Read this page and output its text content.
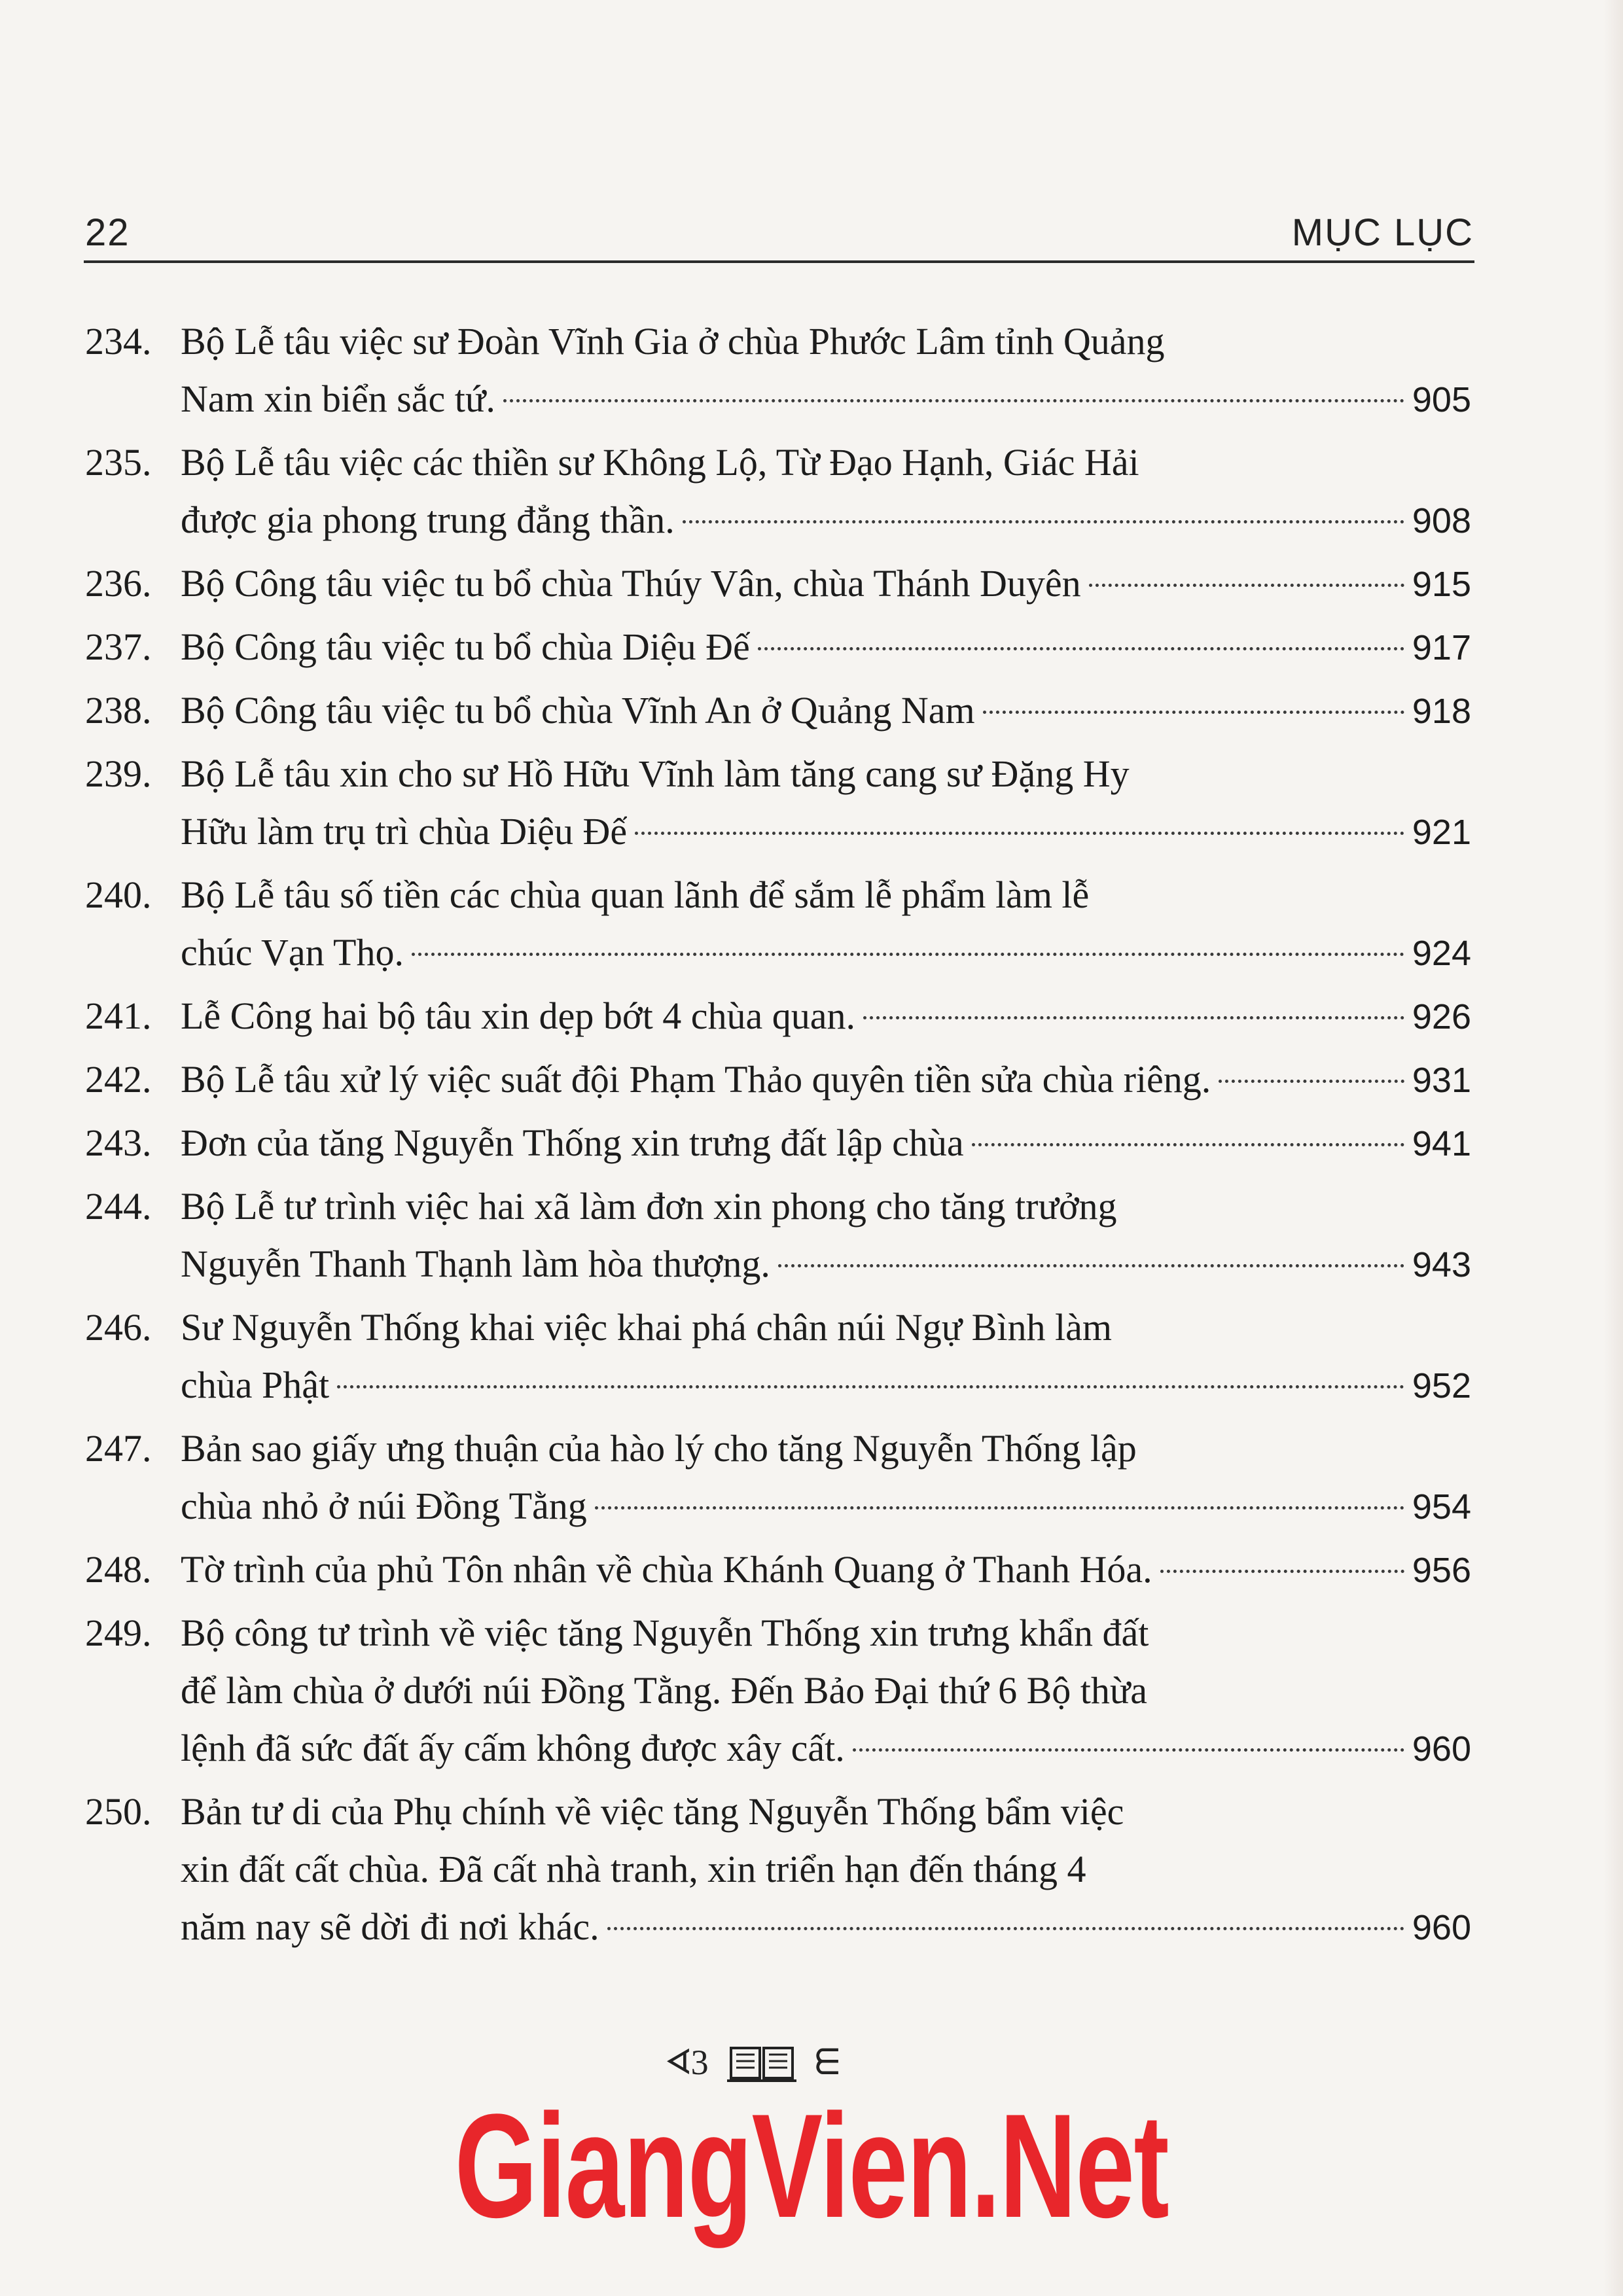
22	MỤC LỤC
234. Bộ Lễ tâu việc sư Đoàn Vĩnh Gia ở chùa Phước Lâm tỉnh Quảng
Nam xin biển sắc tứ.	905
235. Bộ Lễ tâu việc các thiền sư Không Lộ, Từ Đạo Hạnh, Giác Hải
được gia phong trung đẳng thần.	908
236. Bộ Công tâu việc tu bổ chùa Thúy Vân, chùa Thánh Duyên	915
237. Bộ Công tâu việc tu bổ chùa Diệu Đế	917
238. Bộ Công tâu việc tu bổ chùa Vĩnh An ở Quảng Nam	918
239. Bộ Lễ tâu xin cho sư Hồ Hữu Vĩnh làm tăng cang sư Đặng Hy
Hữu làm trụ trì chùa Diệu Đế	921
240. Bộ Lễ tâu số tiền các chùa quan lãnh để sắm lễ phẩm làm lễ
chúc Vạn Thọ.	924
241. Lễ Công hai bộ tâu xin dẹp bớt 4 chùa quan.	926
242. Bộ Lễ tâu xử lý việc suất đội Phạm Thảo quyên tiền sửa chùa riêng.	931
243. Đơn của tăng Nguyễn Thống xin trưng đất lập chùa	941
244. Bộ Lễ tư trình việc hai xã làm đơn xin phong cho tăng trưởng
Nguyễn Thanh Thạnh làm hòa thượng.	943
246. Sư Nguyễn Thống khai việc khai phá chân núi Ngự Bình làm
chùa Phật	952
247. Bản sao giấy ưng thuận của hào lý cho tăng Nguyễn Thống lập
chùa nhỏ ở núi Đồng Tằng	954
248. Tờ trình của phủ Tôn nhân về chùa Khánh Quang ở Thanh Hóa.	956
249. Bộ công tư trình về việc tăng Nguyễn Thống xin trưng khẩn đất
để làm chùa ở dưới núi Đồng Tằng. Đến Bảo Đại thứ 6 Bộ thừa
lệnh đã sức đất ấy cấm không được xây cất.	960
250. Bản tư di của Phụ chính về việc tăng Nguyễn Thống bẩm việc
xin đất cất chùa. Đã cất nhà tranh, xin triển hạn đến tháng 4
năm nay sẽ dời đi nơi khác.	960
ᗏ3	ᗴ
GiangVien.Net
